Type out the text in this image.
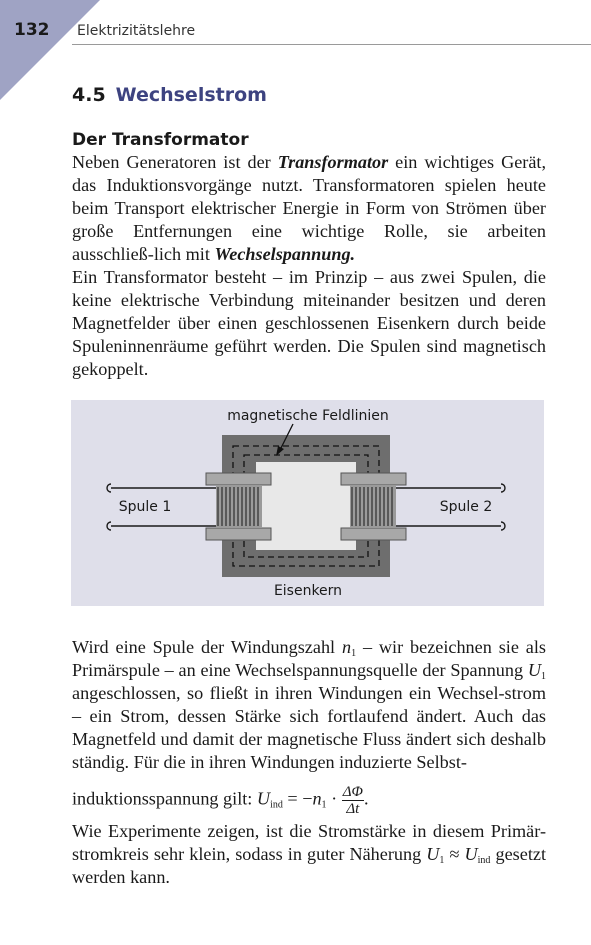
132 Elektrizitätslehre
4.5 Wechselstrom
Der Transformator
Neben Generatoren ist der Transformator ein wichtiges Gerät, das Induktionsvorgänge nutzt. Transformatoren spielen heute beim Transport elektrischer Energie in Form von Strömen über große Entfernungen eine wichtige Rolle, sie arbeiten ausschließ-lich mit Wechselspannung.
Ein Transformator besteht – im Prinzip – aus zwei Spulen, die keine elektrische Verbindung miteinander besitzen und deren Magnetfelder über einen geschlossenen Eisenkern durch beide Spuleninnenräume geführt werden. Die Spulen sind magnetisch gekoppelt.
magnetische Feldlinien
Spule 1	Spule 2
Eisenkern
Wird eine Spule der Windungszahl $n_1$ – wir bezeichnen sie als Primärspule – an eine Wechselspannungsquelle der Spannung $U_1$ angeschlossen, so fließt in ihren Windungen ein Wechsel-strom – ein Strom, dessen Stärke sich fortlaufend ändert. Auch das Magnetfeld und damit der magnetische Fluss ändert sich deshalb ständig. Für die in ihren Windungen induzierte Selbst-
induktionsspannung gilt: $U_{ind} = -n_1 \cdot \frac{\Delta\Phi}{\Delta t}$ .
Wie Experimente zeigen, ist die Stromstärke in diesem Primär-stromkreis sehr klein, sodass in guter Näherung $U_1 \approx U_{ind}$ gesetzt werden kann.
